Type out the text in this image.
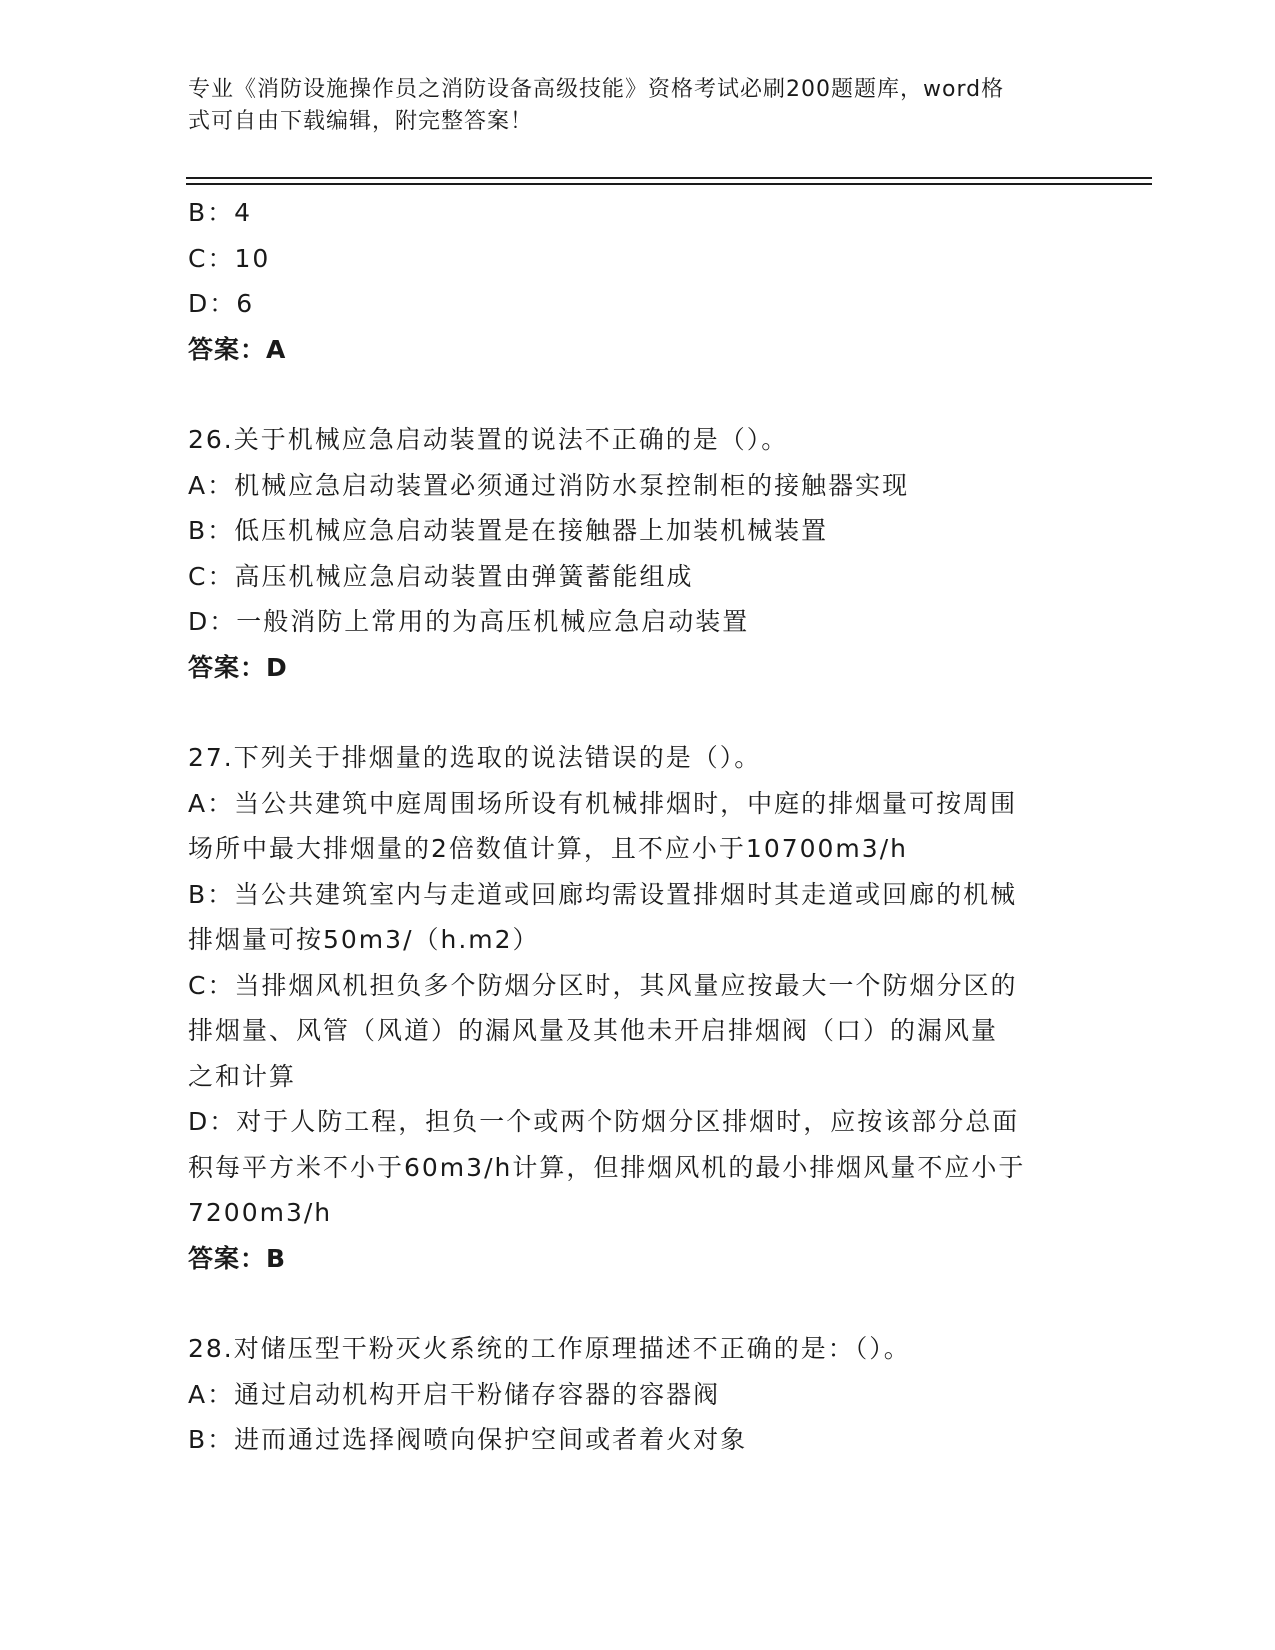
专业《消防设施操作员之消防设备高级技能》资格考试必刷200题题库，word格
式可自由下载编辑，附完整答案！
B：4
C：10
D：6
答案：A
26.关于机械应急启动装置的说法不正确的是（）。
A：机械应急启动装置必须通过消防水泵控制柜的接触器实现
B：低压机械应急启动装置是在接触器上加装机械装置
C：高压机械应急启动装置由弹簧蓄能组成
D：一般消防上常用的为高压机械应急启动装置
答案：D
27.下列关于排烟量的选取的说法错误的是（）。
A：当公共建筑中庭周围场所设有机械排烟时，中庭的排烟量可按周围
场所中最大排烟量的2倍数值计算，且不应小于10700m3/h
B：当公共建筑室内与走道或回廊均需设置排烟时其走道或回廊的机械
排烟量可按50m3/（h.m2）
C：当排烟风机担负多个防烟分区时，其风量应按最大一个防烟分区的
排烟量、风管（风道）的漏风量及其他未开启排烟阀（口）的漏风量
之和计算
D：对于人防工程，担负一个或两个防烟分区排烟时，应按该部分总面
积每平方米不小于60m3/h计算，但排烟风机的最小排烟风量不应小于
7200m3/h
答案：B
28.对储压型干粉灭火系统的工作原理描述不正确的是：（）。
A：通过启动机构开启干粉储存容器的容器阀
B：进而通过选择阀喷向保护空间或者着火对象
